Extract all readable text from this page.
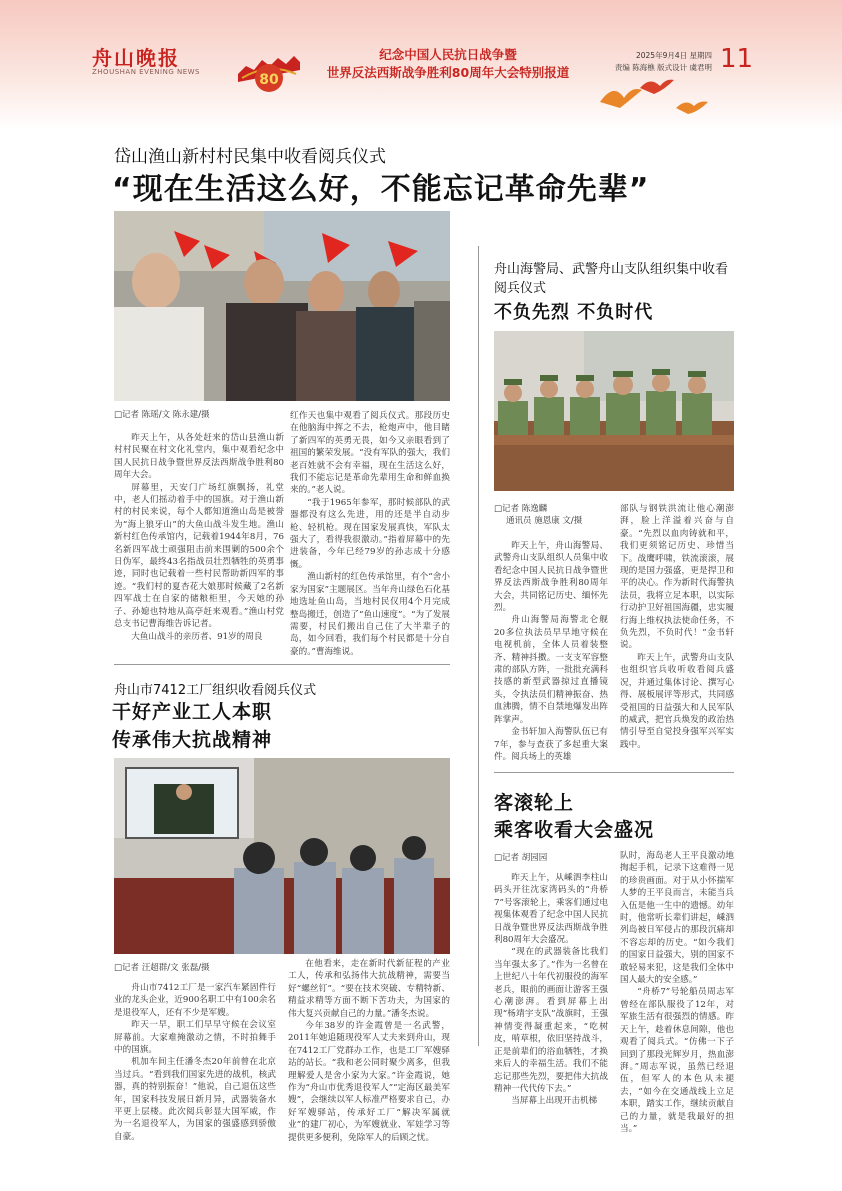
舟山晚报
ZHOUSHAN EVENING NEWS	80
纪念中国人民抗日战争暨
世界反法西斯战争胜利80周年大会特别报道
2025年9月4日 星期四
责编 陈海樵 版式设计 虞君明 11
岱山渔山新村村民集中收看阅兵仪式
“现在生活这么好，不能忘记革命先辈”
□记者 陈瑶/文 陈永建/摄

昨天上午，从各处赶来的岱山县渔山新村村民聚在村文化礼堂内，集中观看纪念中国人民抗日战争暨世界反法西斯战争胜利80周年大会。

屏幕里，天安门广场红旗飘扬，礼堂中，老人们摇动着手中的国旗。对于渔山新村的村民来说，每个人都知道渔山岛是被誉为“海上狼牙山”的大鱼山战斗发生地。渔山新村红色传承馆内，记载着1944年8月，76名新四军战士顽强阻击前来围剿的500余个日伪军，最终43名指战员壮烈牺牲的英勇事迹，同时也记载着一些村民帮助新四军的事迹。“我们村的夏杏花大娘那时候藏了2名新四军战士在自家的储粮柜里，今天她的孙子、孙媳也特地从高亭赶来观看。”渔山村党总支书记曹海维告诉记者。

大鱼山战斗的亲历者、91岁的周良

红作天也集中观看了阅兵仪式。那段历史在他脑海中挥之不去，枪炮声中，他目睹了新四军的英勇无畏，如今又亲眼看到了祖国的繁荣发展。“没有军队的强大，我们老百姓就不会有幸福，现在生活这么好，我们不能忘记是革命先辈用生命和鲜血换来的。”老人说。

“我于1965年参军，那时候部队的武器都没有这么先进，用的还是半自动步枪、轻机枪。现在国家发展真快，军队太强大了，看得我很激动。”指着屏幕中的先进装备，今年已经79岁的孙志成十分感慨。

渔山新村的红色传承馆里，有个“舍小家为国家”主题展区。当年舟山绿色石化基地选址鱼山岛，当地村民仅用4个月完成整岛搬迁，创造了“鱼山速度”。“为了发展需要，村民们搬出自己住了大半辈子的岛，如今回看，我们每个村民都是十分自豪的。”曹海维说。

舟山海警局、武警舟山支队组织集中收看阅兵仪式
不负先烈 不负时代
□记者 陈逸麟
通讯员 施恩康 文/摄

昨天上午，舟山海警局、武警舟山支队组织人员集中收看纪念中国人民抗日战争暨世界反法西斯战争胜利80周年大会，共同铭记历史、缅怀先烈。

舟山海警局海警北仑舰20多位执法员早早地守候在电视机前，全体人员着装整齐、精神抖擞。一支支军容整肃的部队方阵，一批批充满科技感的新型武器掠过直播镜头，令执法员们精神振奋、热血沸腾，情不自禁地爆发出阵阵掌声。

金书轩加入海警队伍已有7年，参与查获了多起重大案件。阅兵场上的英雄

部队与钢铁洪流让他心潮澎湃，脸上洋溢着兴奋与自豪。“先烈以血肉铸就和平，我们更须铭记历史、珍惜当下。战鹰呼啸，铁流滚滚，展现的是国力强盛，更是捍卫和平的决心。作为新时代海警执法员，我将立足本职，以实际行动护卫好祖国海疆，忠实履行海上维权执法使命任务，不负先烈，不负时代！”金书轩说。

昨天上午，武警舟山支队也组织官兵收听收看阅兵盛况，并通过集体讨论、撰写心得、展板展评等形式，共同感受祖国的日益强大和人民军队的威武，把官兵焕发的政治热情引导至自觉投身强军兴军实践中。

舟山市7412工厂组织收看阅兵仪式
干好产业工人本职
传承伟大抗战精神
□记者 汪超群/文 张磊/摄

舟山市7412工厂是一家汽车紧固件行业的龙头企业，近900名职工中有100余名是退役军人，还有不少是军嫂。

昨天一早，职工们早早守候在会议室屏幕前。大家难掩激动之情，不时拍舞手中的国旗。

机加车间主任潘冬杰20年前曾在北京当过兵。“看到我们国家先进的战机，核武器，真的特别振奋！”他说，自己退伍这些年，国家科技发展日新月异，武器装备水平更上层楼。此次阅兵彰显大国军威，作为一名退役军人，为国家的强盛感到骄傲自豪。

在他看来，走在新时代新征程的产业工人，传承和弘扬伟大抗战精神，需要当好“螺丝钉”。“要在技术突破、专精特新、精益求精等方面不断下苦功夫，为国家的伟大复兴贡献自己的力量。”潘冬杰说。

今年38岁的许金霞曾是一名武警，2011年她追随现役军人丈夫来到舟山，现在7412工厂党群办工作，也是工厂军嫂驿站的站长。“我和老公同时聚少离多，但我理解爱人是舍小家为大家。”许金霞说，她作为“舟山市优秀退役军人”“定海区最美军嫂”，会继续以军人标准严格要求自己，办好军嫂驿站，传承好工厂“解决军属就业”的建厂初心，为军嫂就业、军娃学习等提供更多便利，免除军人的后顾之忧。

客滚轮上
乘客收看大会盛况
□记者 胡园园

昨天上午，从嵊泗李柱山码头开往沈家湾码头的“舟桥7”号客滚轮上，乘客们通过电视集体观看了纪念中国人民抗日战争暨世界反法西斯战争胜利80周年大会盛况。

“现在的武器装备比我们当年强太多了。”作为一名曾在上世纪八十年代初服役的海军老兵，眼前的画面让游客王强心潮澎湃。看到屏幕上出现“杨靖宇支队”战旗时，王强神情变得凝重起来，“吃树皮，啃草根，依旧坚持战斗，正是前辈们的浴血牺牲，才换来后人的幸福生活。我们不能忘记那些先烈，要把伟大抗战精神一代代传下去。”

当屏幕上出现开击机梯

队时，海岛老人王平良激动地掏起手机，记录下这难得一见的珍贵画面。对于从小怀揣军人梦的王平良而言，未能当兵入伍是他一生中的遗憾。幼年时，他常听长辈们讲起，嵊泗列岛被日军侵占的那段沉痛却不容忘却的历史。“如今我们的国家日益强大，别的国家不敢轻易来犯，这是我们全体中国人最大的安全感。”

“舟桥7”号轮船员周志军曾经在部队服役了12年，对军旅生活有很强烈的情感。昨天上午，趁着休息间隙，他也观看了阅兵式。“仿佛一下子回到了那段光辉岁月，热血澎湃。”周志军说，虽然已经退伍，但军人的本色从未褪去，“如今在交通战线上立足本职，踏实工作，继续贡献自己的力量，就是我最好的担当。”
